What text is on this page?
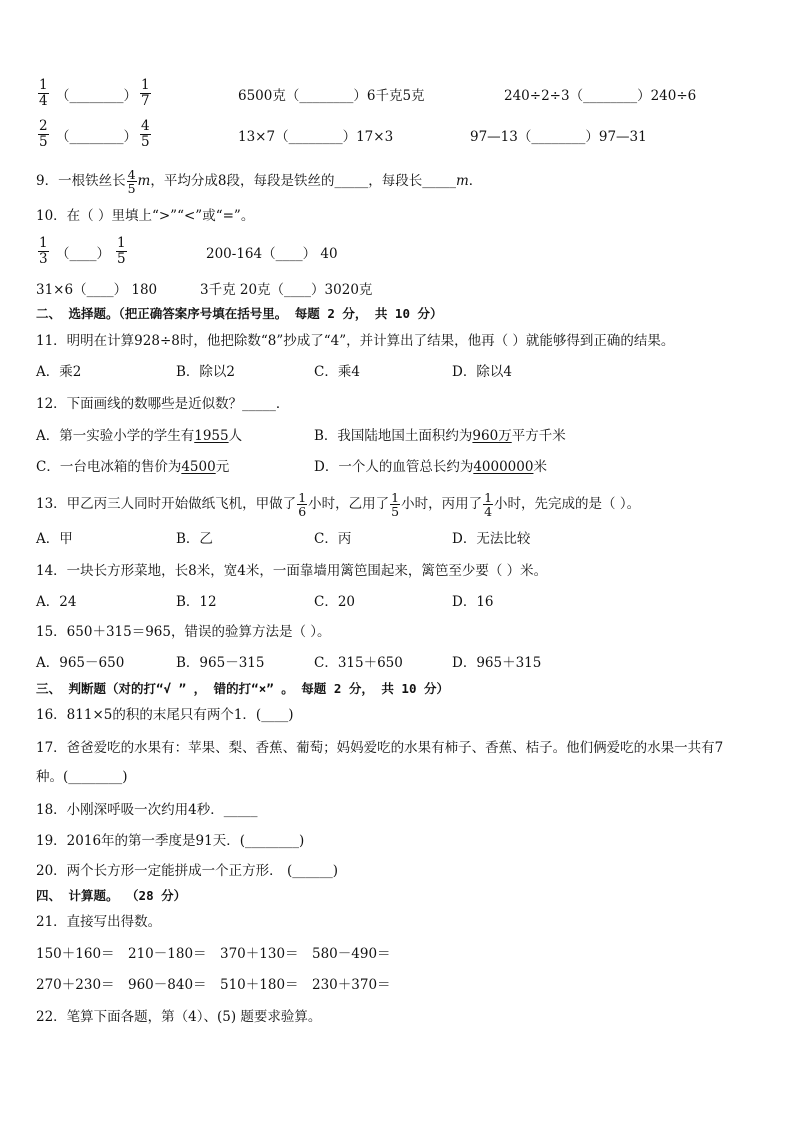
$\frac{1}{4}$ （________） $\frac{1}{7}$	6500克（________）6千克5克	240÷2÷3（________）240÷6
$\frac{2}{5}$ （________） $\frac{4}{5}$	13×7（________）17×3	97—13（________）97—31
9．一根铁丝长 $\frac{4}{5}$ m，平均分成8段，每段是铁丝的_____，每段长_____m．
10．在（ ）里填上“>”“<”或“=”。
$\frac{1}{3}$ （____） $\frac{1}{5}$	200-164（____） 40
31×6（____） 180	3千克 20克（____）3020克
二、 选择题。（把正确答案序号填在括号里。 每题 2 分， 共 10 分）
11．明明在计算928÷8时，他把除数“8”抄成了“4”，并计算出了结果，他再（ ）就能够得到正确的结果。
A．乘2	B．除以2	C．乘4	D．除以4
12．下面画线的数哪些是近似数？_____．
A．第一实验小学的学生有1955人	B．我国陆地国土面积约为960万平方千米
C．一台电冰箱的售价为4500元	D．一个人的血管总长约为4000000米
13．甲乙丙三人同时开始做纸飞机，甲做了 $\frac{1}{6}$ 小时，乙用了 $\frac{1}{5}$ 小时，丙用了 $\frac{1}{4}$ 小时，先完成的是（ ）。
A．甲	B．乙	C．丙	D．无法比较
14．一块长方形菜地，长8米，宽4米，一面靠墙用篱笆围起来，篱笆至少要（ ）米。
A．24	B．12	C．20	D．16
15．650＋315＝965，错误的验算方法是（ ）。
A．965－650	B．965－315	C．315＋650	D．965＋315
三、 判断题（对的打“√ ” ， 错的打“×” 。 每题 2 分， 共 10 分）
16．811×5的积的末尾只有两个1．(____)
17．爸爸爱吃的水果有：苹果、梨、香蕉、葡萄；妈妈爱吃的水果有柿子、香蕉、桔子。他们俩爱吃的水果一共有7
种。(________)
18．小刚深呼吸一次约用4秒．_____
19．2016年的第一季度是91天．(________)
20．两个长方形一定能拼成一个正方形． (______)
四、 计算题。 （28 分）
21．直接写出得数。
150＋160＝ 210－180＝ 370＋130＝ 580－490＝
270＋230＝ 960－840＝ 510＋180＝ 230＋370＝
22．笔算下面各题，第（4）、(5) 题要求验算。
